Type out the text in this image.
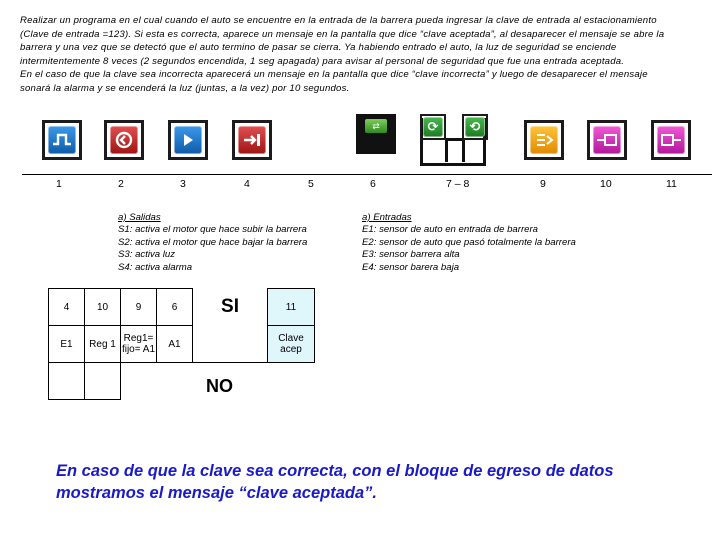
Realizar un programa en el cual cuando el auto se encuentre en la entrada de la barrera pueda ingresar la clave de entrada al estacionamiento

(Clave de entrada =123). Si esta es correcta, aparece un mensaje en la pantalla que dice “clave aceptada”, al desaparecer el mensaje se abre la

barrera y una vez que se detectó que el auto termino de pasar se cierra. Ya habiendo entrado el auto, la luz de seguridad se enciende

intermitentemente 8 veces (2 segundos encendida, 1 seg apagada) para avisar al personal de seguridad que fue una entrada aceptada.

En el caso de que la clave sea incorrecta aparecerá un mensaje en la pantalla que dice “clave incorrecta” y luego de desaparecer el mensaje

sonará la alarma y se encenderá la luz (juntas, a la vez) por 10 segundos.

⇄	⟳	⟲
1	2	3	4	5	6	7 – 8	9	10	11

a) Salidas

S1: activa el motor que hace subir la barrera

S2: activa el motor que hace bajar la barrera

S3: activa luz

S4: activa alarma

a) Entradas

E1: sensor de auto en entrada de barrera

E2: sensor de auto que pasó totalmente la barrera

E3: sensor barrera alta

E4: sensor barera baja

4	10	9	6	SI	11
E1	Reg 1	Reg1= fijo= A1	A1		Clave acep

NO
En caso de que la clave sea correcta, con el bloque de egreso de datos mostramos el mensaje “clave aceptada”.
